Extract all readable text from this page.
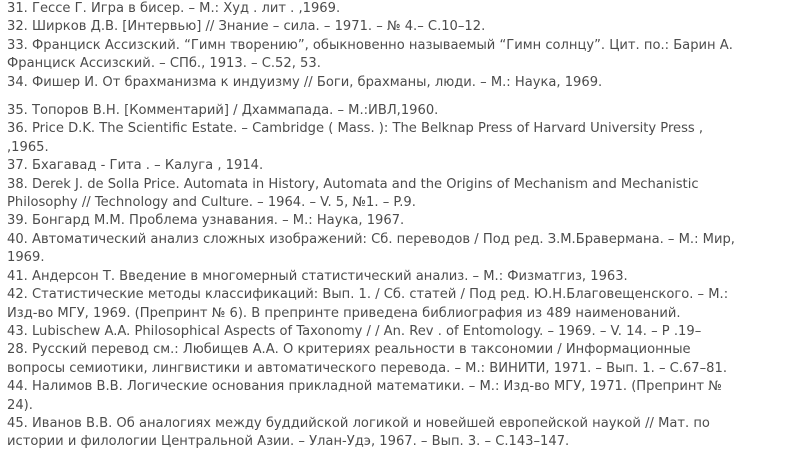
31. Гессе Г. Игра в бисер. – М.: Худ . лит . ,1969.

32. Ширков Д.В. [Интервью] // Знание – сила. – 1971. – № 4.– С.10–12.

33. Франциск Ассизский. “Гимн творению”, обыкновенно называемый “Гимн солнцу”. Цит. по.: Барин А.
Франциск Ассизский. – СПб., 1913. – С.52, 53.

34. Фишер И. От брахманизма к индуизму // Боги, брахманы, люди. – М.: Наука, 1969.

35. Топоров В.Н. [Комментарий] / Дхаммапада. – М.:ИВЛ,1960.

36. Price D.K. The Scientific Estate. – Cambridge ( Mass. ): The Belknap Press of Harvard University Press ,
,1965.

37. Бхагавад - Гита . – Калуга , 1914.

38. Derek J. de Solla Price. Automata in History, Automata and the Origins of Mechanism and Mechanistic
Philosophy // Technology and Culture. – 1964. – V. 5, №1. – P.9.

39. Бонгард М.М. Проблема узнавания. – М.: Наука, 1967.

40. Автоматический анализ сложных изображений: Сб. переводов / Под ред. З.М.Бравермана. – М.: Мир,
1969.

41. Андерсон Т. Введение в многомерный статистический анализ. – М.: Физматгиз, 1963.

42. Статистические методы классификаций: Вып. 1. / Сб. статей / Под ред. Ю.Н.Благовещенского. – М.:
Изд-во МГУ, 1969. (Препринт № 6). В препринте приведена библиография из 489 наименований.

43. Lubischew A.A. Philosophical Aspects of Taxonomy / / An. Rev . of Entomology. – 1969. – V. 14. – P .19–

28. Русский перевод см.: Любищев А.А. О критериях реальности в таксономии / Информационные
вопросы семиотики, лингвистики и автоматического перевода. – М.: ВИНИТИ, 1971. – Вып. 1. – С.67–81.

44. Налимов В.В. Логические основания прикладной математики. – М.: Изд-во МГУ, 1971. (Препринт №
24).

45. Иванов В.В. Об аналогиях между буддийской логикой и новейшей европейской наукой // Мат. по
истории и филологии Центральной Азии. – Улан-Удэ, 1967. – Вып. 3. – С.143–147.
